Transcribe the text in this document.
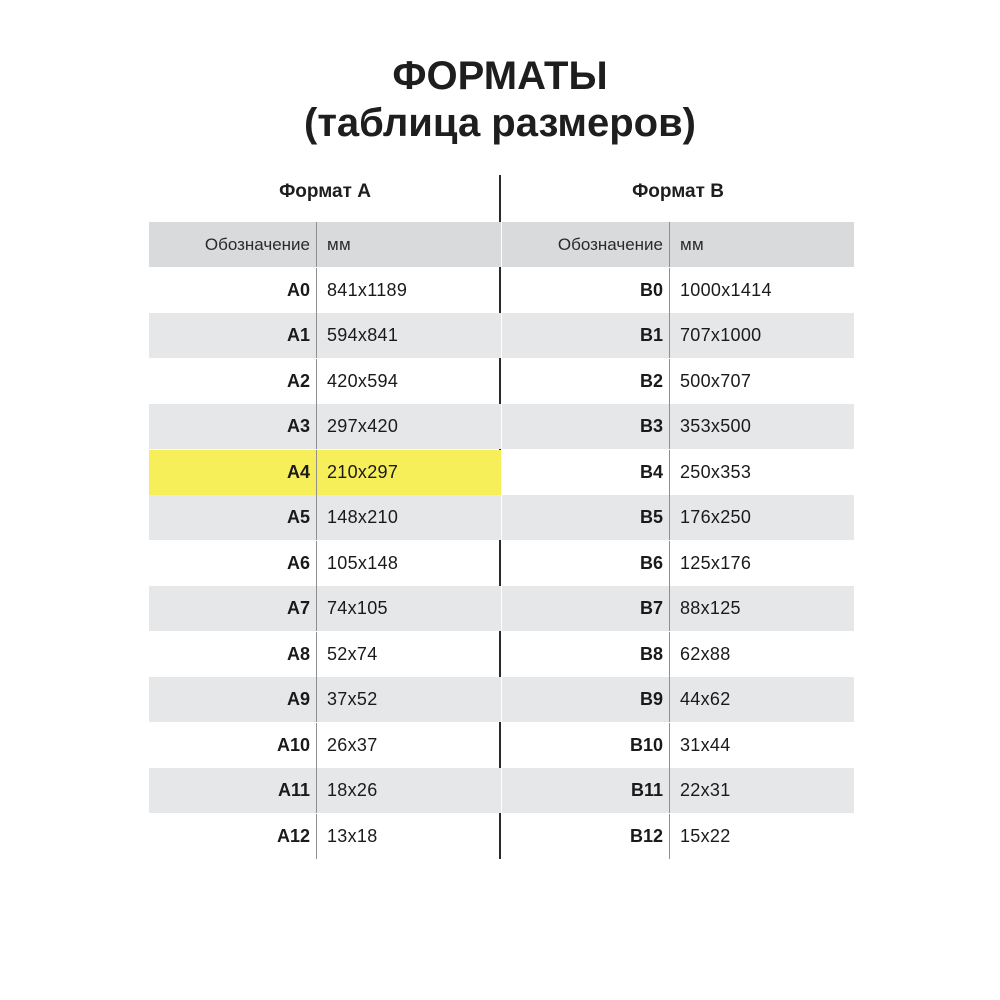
ФОРМАТЫ
(таблица размеров)
Формат А
Обозначение	мм
A0 841x1189
A1 594x841
A2 420x594
A3 297x420
A4 210x297
A5 148x210
A6 105x148
A7 74x105
A8 52x74
A9 37x52
A10 26x37
A11 18x26
A12 13x18
Формат B
Обозначение	мм
B0 1000x1414
B1 707x1000
B2 500x707
B3 353x500
B4 250x353
B5 176x250
B6 125x176
B7 88x125
B8 62x88
B9 44x62
B10 31x44
B11 22x31
B12 15x22
